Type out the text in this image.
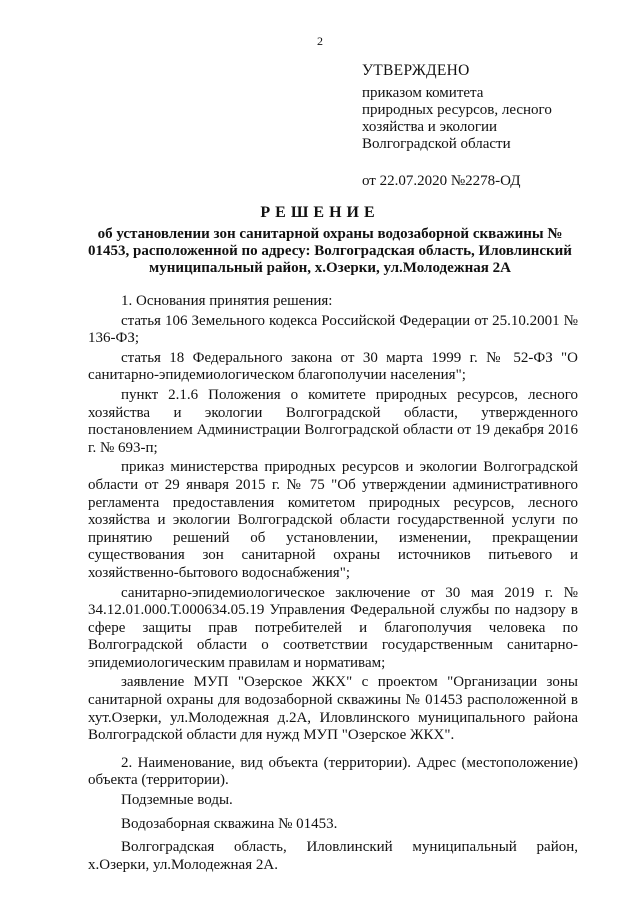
2
УТВЕРЖДЕНО
приказом комитета
природных ресурсов, лесного
хозяйства и экологии
Волгоградской области
от 22.07.2020 №2278-ОД
РЕШЕНИЕ
об установлении зон санитарной охраны водозаборной скважины № 01453, расположенной по адресу: Волгоградская область, Иловлинский муниципальный район, х.Озерки, ул.Молодежная 2А

1. Основания принятия решения:

статья 106 Земельного кодекса Российской Федерации от 25.10.2001 № 136-ФЗ;

статья 18 Федерального закона от 30 марта 1999 г. № 52-ФЗ "О санитарно-эпидемиологическом благополучии населения";

пункт 2.1.6 Положения о комитете природных ресурсов, лесного хозяйства и экологии Волгоградской области, утвержденного постановлением Администрации Волгоградской области от 19 декабря 2016 г. № 693-п;

приказ министерства природных ресурсов и экологии Волгоградской области от 29 января 2015 г. № 75 "Об утверждении административного регламента предоставления комитетом природных ресурсов, лесного хозяйства и экологии Волгоградской области государственной услуги по принятию решений об установлении, изменении, прекращении существования зон санитарной охраны источников питьевого и хозяйственно-бытового водоснабжения";

санитарно-эпидемиологическое заключение от 30 мая 2019 г. № 34.12.01.000.Т.000634.05.19 Управления Федеральной службы по надзору в сфере защиты прав потребителей и благополучия человека по Волгоградской области о соответствии государственным санитарно-эпидемиологическим правилам и нормативам;

заявление МУП "Озерское ЖКХ" с проектом "Организации зоны санитарной охраны для водозаборной скважины № 01453 расположенной в хут.Озерки, ул.Молодежная д.2А, Иловлинского муниципального района Волгоградской области для нужд МУП "Озерское ЖКХ".

2. Наименование, вид объекта (территории). Адрес (местоположение) объекта (территории).

Подземные воды.

Водозаборная скважина № 01453.

Волгоградская область, Иловлинский муниципальный район, х.Озерки, ул.Молодежная 2А.
